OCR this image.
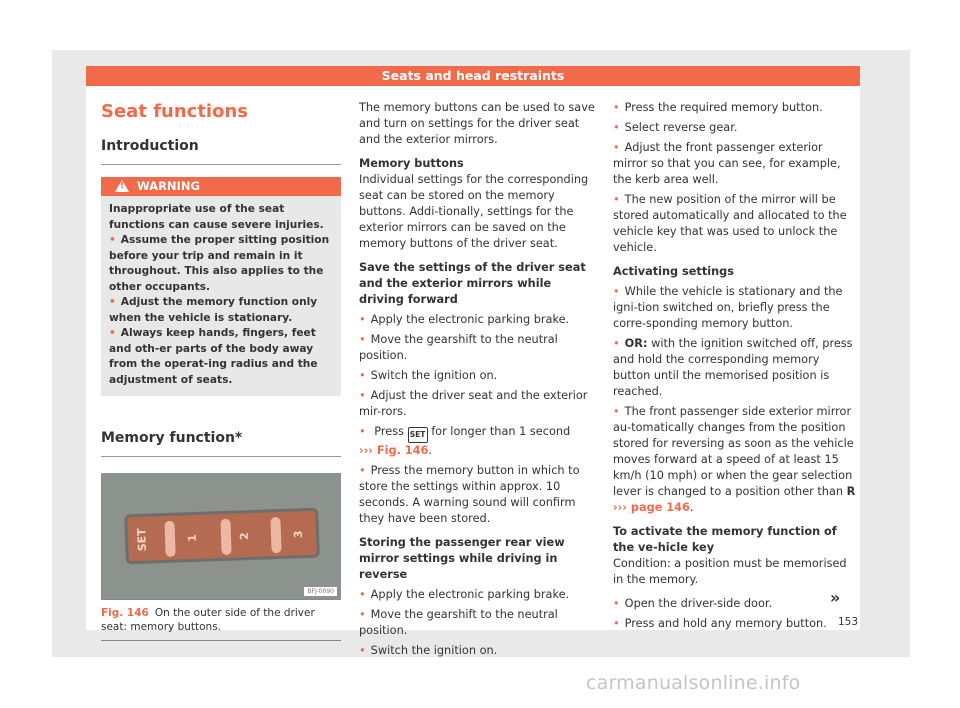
Seats and head restraints
Seat functions
Introduction
!
WARNING
Inappropriate use of the seat functions can cause severe injuries.
• Assume the proper sitting position before your trip and remain in it throughout. This also applies to the other occupants.
• Adjust the memory function only when the vehicle is stationary.
• Always keep hands, fingers, feet and oth-er parts of the body away from the operat-ing radius and the adjustment of seats.
Memory function*
SET	1	2	3
BFJ-0090
Fig. 146 On the outer side of the driver seat: memory buttons.

The memory buttons can be used to save and turn on settings for the driver seat and the exterior mirrors.

Memory buttons

Individual settings for the corresponding seat can be stored on the memory buttons. Addi-tionally, settings for the exterior mirrors can be saved on the memory buttons of the driver seat.

Save the settings of the driver seat and the exterior mirrors while driving forward
• Apply the electronic parking brake.
• Move the gearshift to the neutral position.
• Switch the ignition on.
• Adjust the driver seat and the exterior mir-rors.
• Press SET for longer than 1 second
››› Fig. 146.
• Press the memory button in which to store the settings within approx. 10 seconds. A warning sound will confirm they have been stored.
Storing the passenger rear view mirror settings while driving in reverse
• Apply the electronic parking brake.
• Move the gearshift to the neutral position.
• Switch the ignition on.
• Press the required memory button.
• Select reverse gear.
• Adjust the front passenger exterior mirror so that you can see, for example, the kerb area well.
• The new position of the mirror will be stored automatically and allocated to the vehicle key that was used to unlock the vehicle.
Activating settings
• While the vehicle is stationary and the igni-tion switched on, briefly press the corre-sponding memory button.
• OR: with the ignition switched off, press and hold the corresponding memory button until the memorised position is reached.
• The front passenger side exterior mirror au-tomatically changes from the position stored for reversing as soon as the vehicle moves forward at a speed of at least 15 km/h (10 mph) or when the gear selection lever is changed to a position other than R
››› page 146.
To activate the memory function of the ve-hicle key

Condition: a position must be memorised in the memory.

• Open the driver-side door.
• Press and hold any memory button.
»
153
carmanualsonline.info
